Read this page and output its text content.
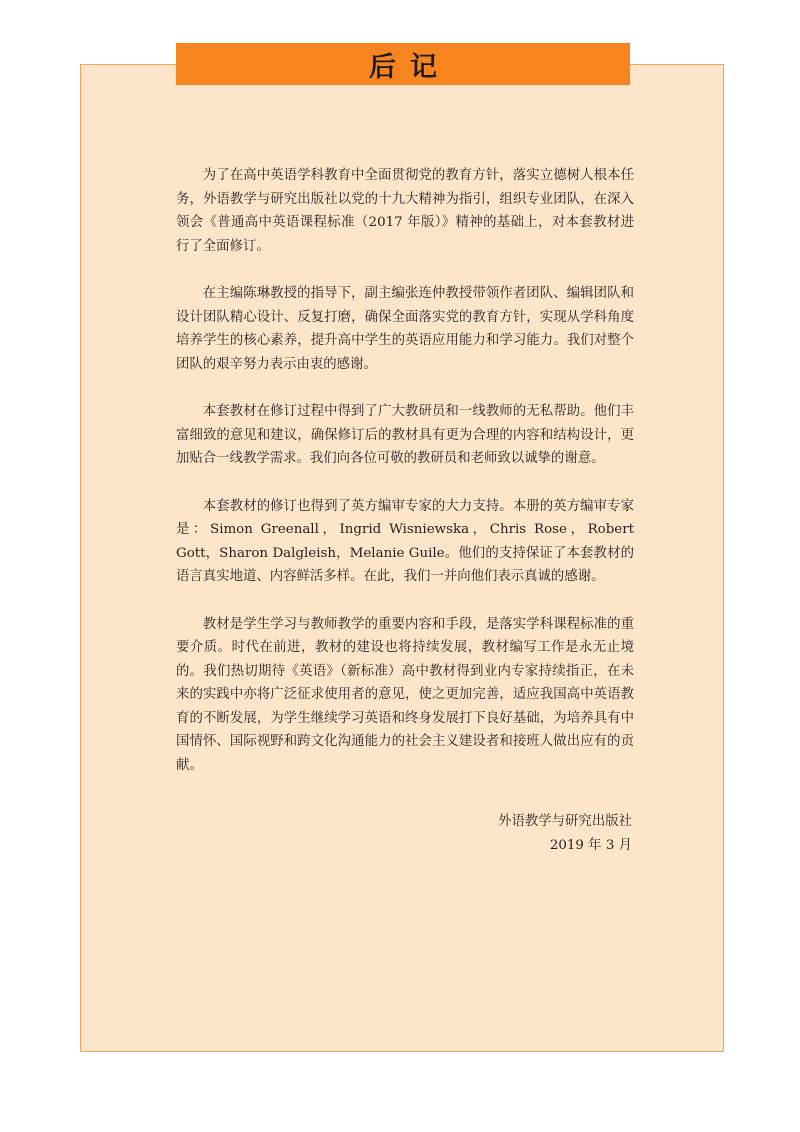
后记

为了在高中英语学科教育中全面贯彻党的教育方针，落实立德树人根本任务，外语教学与研究出版社以党的十九大精神为指引，组织专业团队，在深入领会《普通高中英语课程标准（2017 年版）》精神的基础上，对本套教材进行了全面修订。

在主编陈琳教授的指导下，副主编张连仲教授带领作者团队、编辑团队和设计团队精心设计、反复打磨，确保全面落实党的教育方针，实现从学科角度培养学生的核心素养，提升高中学生的英语应用能力和学习能力。我们对整个团队的艰辛努力表示由衷的感谢。

本套教材在修订过程中得到了广大教研员和一线教师的无私帮助。他们丰富细致的意见和建议，确保修订后的教材具有更为合理的内容和结构设计，更加贴合一线教学需求。我们向各位可敬的教研员和老师致以诚挚的谢意。

本套教材的修订也得到了英方编审专家的大力支持。本册的英方编审专家是：Simon Greenall，Ingrid Wisniewska，Chris Rose，Robert Gott，Sharon Dalgleish，Melanie Guile。他们的支持保证了本套教材的语言真实地道、内容鲜活多样。在此，我们一并向他们表示真诚的感谢。

教材是学生学习与教师教学的重要内容和手段，是落实学科课程标准的重要介质。时代在前进，教材的建设也将持续发展，教材编写工作是永无止境的。我们热切期待《英语》（新标准）高中教材得到业内专家持续指正，在未来的实践中亦将广泛征求使用者的意见，使之更加完善，适应我国高中英语教育的不断发展，为学生继续学习英语和终身发展打下良好基础，为培养具有中国情怀、国际视野和跨文化沟通能力的社会主义建设者和接班人做出应有的贡献。

外语教学与研究出版社
2019 年 3 月
